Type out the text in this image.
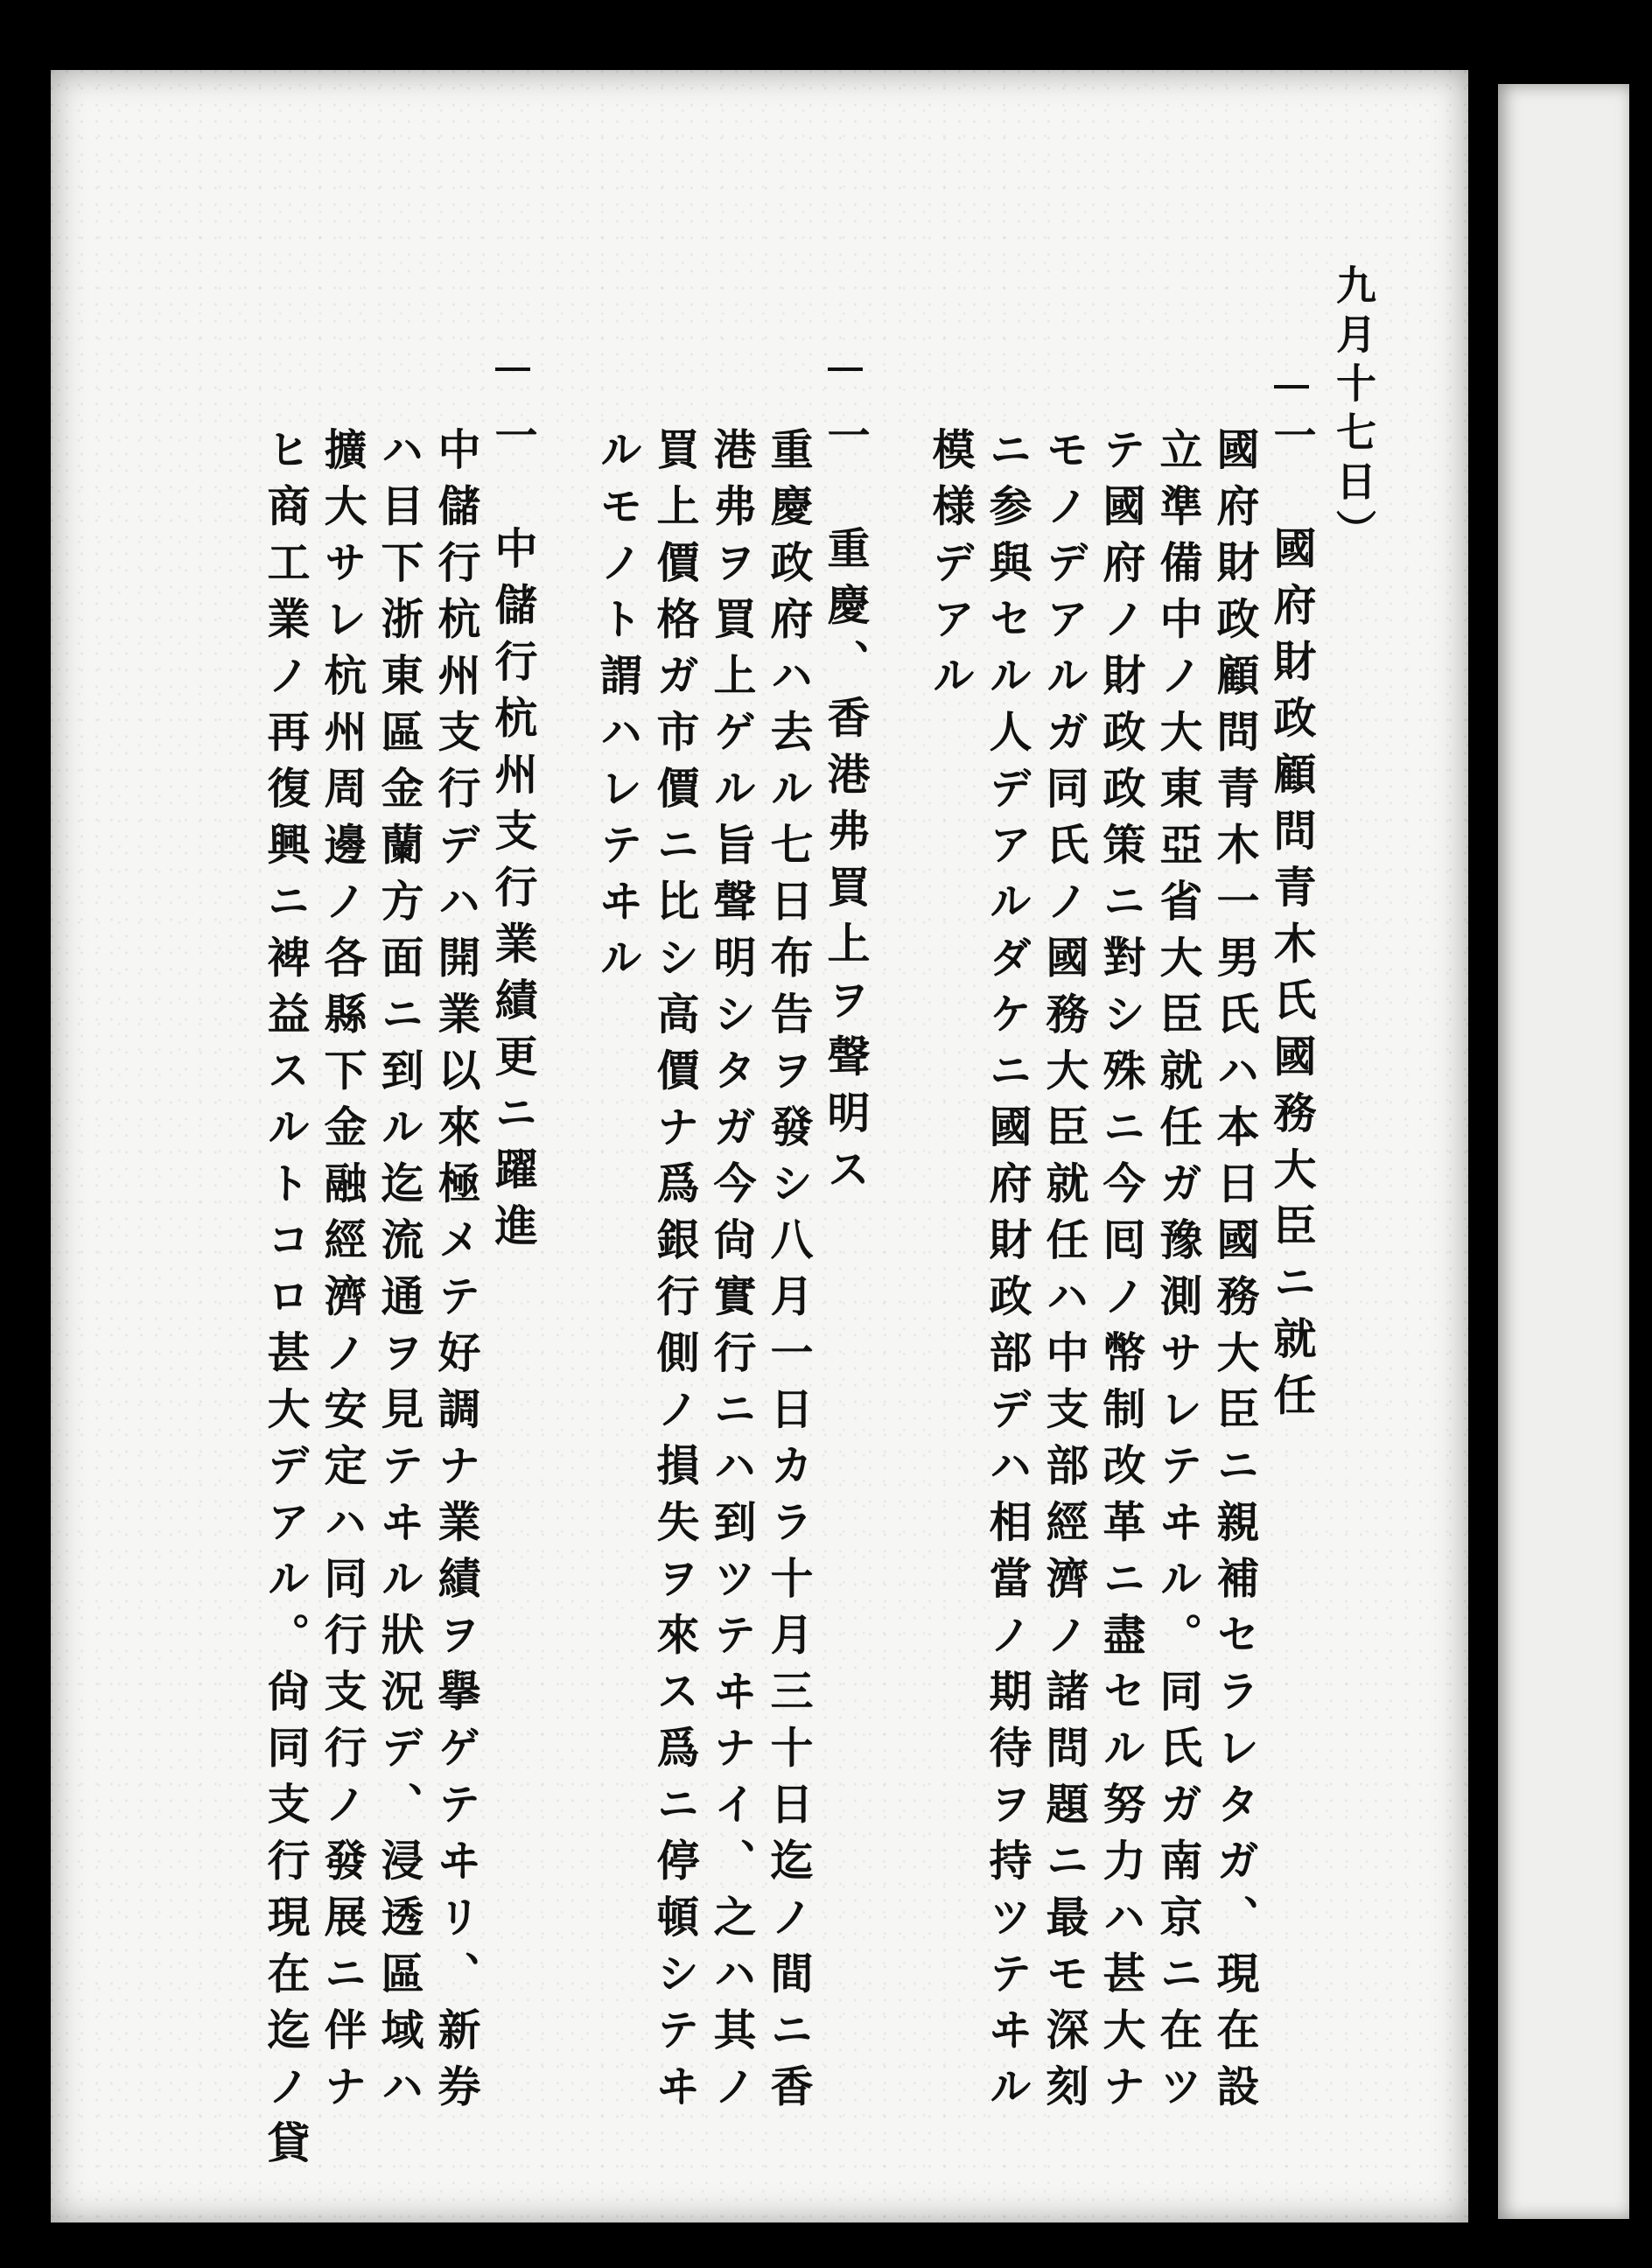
九月十七日）
一　國府財政顧問青木氏國務大臣ニ就任
國府財政顧問青木一男氏ハ本日國務大臣ニ親補セラレタガ、現在設
立準備中ノ大東亞省大臣就任ガ豫測サレテヰル。同氏ガ南京ニ在ツ
テ國府ノ財政政策ニ對シ殊ニ今囘ノ幣制改革ニ盡セル努力ハ甚大ナ
モノデアルガ同氏ノ國務大臣就任ハ中支部經濟ノ諸問題ニ最モ深刻
ニ参與セル人デアルダケニ國府財政部デハ相當ノ期待ヲ持ツテヰル
模様デアル
一　重慶、香港弗買上ヲ聲明ス
重慶政府ハ去ル七日布告ヲ發シ八月一日カラ十月三十日迄ノ間ニ香
港弗ヲ買上ゲル旨聲明シタガ今尙實行ニハ到ツテヰナイ、之ハ其ノ
買上價格ガ市價ニ比シ高價ナ爲銀行側ノ損失ヲ來ス爲ニ停頓シテヰ
ルモノト謂ハレテヰル
一　中儲行杭州支行業績更ニ躍進
中儲行杭州支行デハ開業以來極メテ好調ナ業績ヲ擧ゲテヰリ、新券
ハ目下浙東區金蘭方面ニ到ル迄流通ヲ見テヰル狀況デ、浸透區域ハ
擴大サレ杭州周邊ノ各縣下金融經濟ノ安定ハ同行支行ノ發展ニ伴ナ
ヒ商工業ノ再復興ニ裨益スルトコロ甚大デアル。尙同支行現在迄ノ貸
